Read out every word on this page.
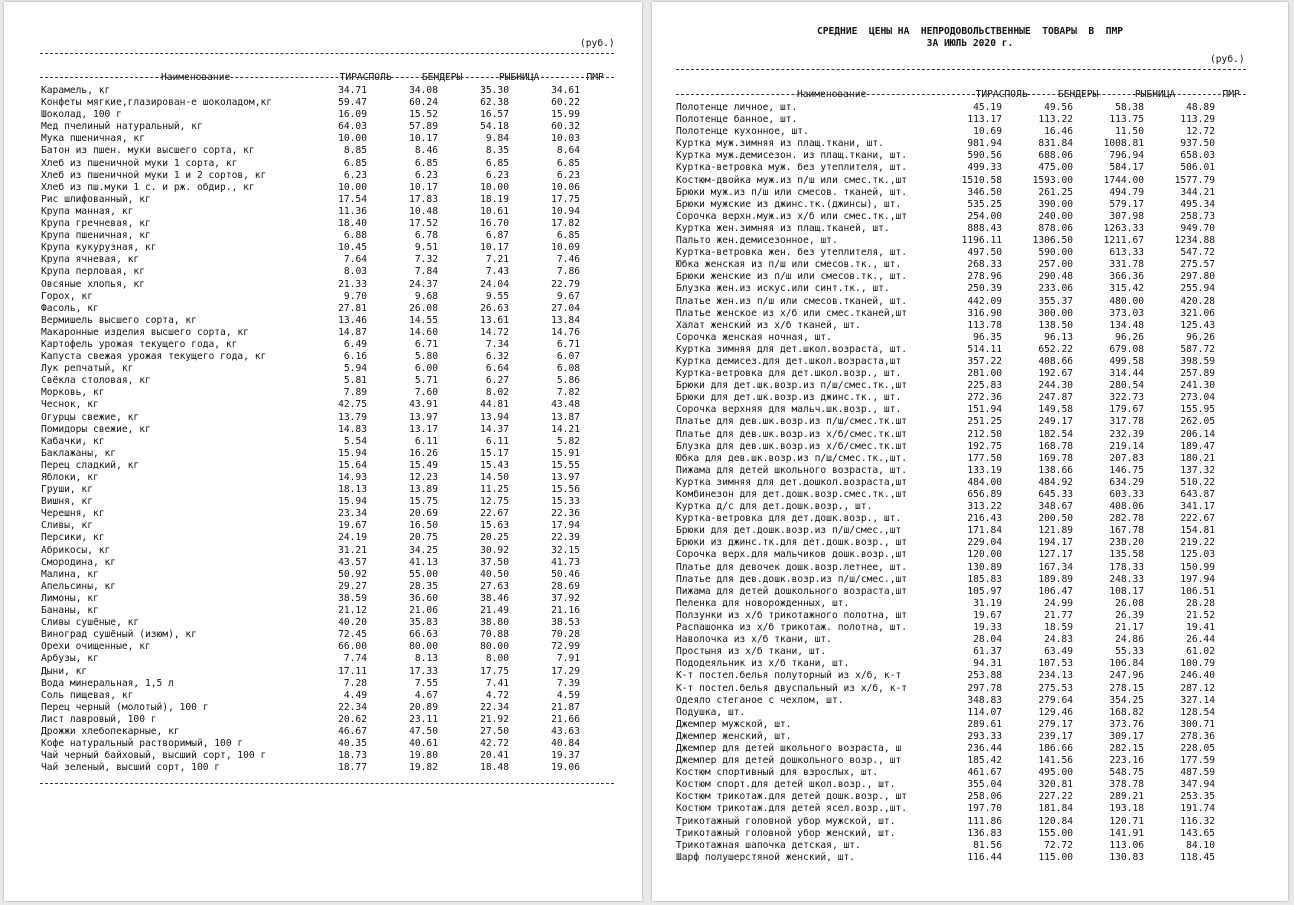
(руб.)

Наименование	ТИРАСПОЛЬ	БЕНДЕРЫ	РЫБНИЦА	ПМР

Карамель, кг	34.71	34.08	35.30	34.61
Конфеты мягкие,глазирован-е шоколадом,кг	59.47	60.24	62.38	60.22
Шоколад, 100 г	16.09	15.52	16.57	15.99
Мед пчелиный натуральный, кг	64.03	57.89	54.18	60.32
Мука пшеничная, кг	10.00	10.17	9.84	10.03
Батон из пшен. муки высшего сорта, кг	8.85	8.46	8.35	8.64
Хлеб из пшеничной муки 1 сорта, кг	6.85	6.85	6.85	6.85
Хлеб из пшеничной муки 1 и 2 сортов, кг	6.23	6.23	6.23	6.23
Хлеб из пш.муки 1 с. и рж. обдир., кг	10.00	10.17	10.00	10.06
Рис шлифованный, кг	17.54	17.83	18.19	17.75
Крупа манная, кг	11.36	10.48	10.61	10.94
Крупа гречневая, кг	18.40	17.52	16.70	17.82
Крупа пшеничная, кг	6.88	6.78	6.87	6.85
Крупа кукурузная, кг	10.45	9.51	10.17	10.09
Крупа ячневая, кг	7.64	7.32	7.21	7.46
Крупа перловая, кг	8.03	7.84	7.43	7.86
Овсяные хлопья, кг	21.33	24.37	24.04	22.79
Горох, кг	9.70	9.68	9.55	9.67
Фасоль, кг	27.81	26.08	26.63	27.04
Вермишель высшего сорта, кг	13.46	14.55	13.61	13.84
Макаронные изделия высшего сорта, кг	14.87	14.60	14.72	14.76
Картофель урожая текущего года, кг	6.49	6.71	7.34	6.71
Капуста свежая урожая текущего года, кг	6.16	5.80	6.32	6.07
Лук репчатый, кг	5.94	6.00	6.64	6.08
Свёкла столовая, кг	5.81	5.71	6.27	5.86
Морковь, кг	7.89	7.60	8.02	7.82
Чеснок, кг	42.75	43.91	44.81	43.48
Огурцы свежие, кг	13.79	13.97	13.94	13.87
Помидоры свежие, кг	14.83	13.17	14.37	14.21
Кабачки, кг	5.54	6.11	6.11	5.82
Баклажаны, кг	15.94	16.26	15.17	15.91
Перец сладкий, кг	15.64	15.49	15.43	15.55
Яблоки, кг	14.93	12.23	14.50	13.97
Груши, кг	18.13	13.89	11.25	15.56
Вишня, кг	15.94	15.75	12.75	15.33
Черешня, кг	23.34	20.69	22.67	22.36
Сливы, кг	19.67	16.50	15.63	17.94
Персики, кг	24.19	20.75	20.25	22.39
Абрикосы, кг	31.21	34.25	30.92	32.15
Смородина, кг	43.57	41.13	37.50	41.73
Малина, кг	50.92	55.00	40.50	50.46
Апельсины, кг	29.27	28.35	27.63	28.69
Лимоны, кг	38.59	36.60	38.46	37.92
Бананы, кг	21.12	21.06	21.49	21.16
Сливы сушёные, кг	40.20	35.83	38.80	38.53
Виноград сушёный (изюм), кг	72.45	66.63	70.88	70.28
Орехи очищенные, кг	66.00	80.00	80.00	72.99
Арбузы, кг	7.74	8.13	8.00	7.91
Дыни, кг	17.11	17.33	17.75	17.29
Вода минеральная, 1,5 л	7.28	7.55	7.41	7.39
Соль пищевая, кг	4.49	4.67	4.72	4.59
Перец черный (молотый), 100 г	22.34	20.89	22.34	21.87
Лист лавровый, 100 г	20.62	23.11	21.92	21.66
Дрожжи хлебопекарные, кг	46.67	47.50	27.50	43.63
Кофе натуральный растворимый, 100 г	40.35	40.61	42.72	40.84
Чай черный байховый, высший сорт, 100 г	18.73	19.80	20.41	19.37
Чай зеленый, высший сорт, 100 г	18.77	19.82	18.48	19.06

СРЕДНИЕ  ЦЕНЫ НА  НЕПРОДОВОЛЬСТВЕННЫЕ  ТОВАРЫ  В  ПМР

ЗА ИЮЛЬ 2020 г.

(руб.)

Наименование	ТИРАСПОЛЬ	БЕНДЕРЫ	РЫБНИЦА	ПМР

Полотенце личное, шт.	45.19	49.56	58.38	48.89
Полотенце банное, шт.	113.17	113.22	113.75	113.29
Полотенце кухонное, шт.	10.69	16.46	11.50	12.72
Куртка муж.зимняя из плащ.ткани, шт.	981.94	831.84	1008.81	937.50
Куртка муж.демисезон. из плащ.ткани, шт.	590.56	688.06	796.94	658.03
Куртка-ветровка муж. без утеплителя, шт.	499.33	475.00	584.17	506.01
Костюм-двойка муж.из п/ш или смес.тк.,шт	1510.58	1593.00	1744.00	1577.79
Брюки муж.из п/ш или смесов. тканей, шт.	346.50	261.25	494.79	344.21
Брюки мужские из джинс.тк.(джинсы), шт.	535.25	390.00	579.17	495.34
Сорочка верхн.муж.из х/б или смес.тк.,шт	254.00	240.00	307.98	258.73
Куртка жен.зимняя из плащ.тканей, шт.	888.43	878.06	1263.33	949.70
Пальто жен.демисезонное, шт.	1196.11	1306.50	1211.67	1234.88
Куртка-ветровка жен. без утеплителя, шт.	497.50	590.00	613.33	547.72
Юбка женская из п/ш или смесов.тк., шт.	268.33	257.00	331.78	275.57
Брюки женские из п/ш или смесов.тк., шт.	278.96	290.48	366.36	297.80
Блузка жен.из искус.или синт.тк., шт.	250.39	233.06	315.42	255.94
Платье жен.из п/ш или смесов.тканей, шт.	442.09	355.37	480.00	420.28
Платье женское из х/б или смес.тканей,шт	316.90	300.00	373.03	321.06
Халат женский из х/б тканей, шт.	113.78	138.50	134.48	125.43
Сорочка женская ночная, шт.	96.35	96.13	96.26	96.26
Куртка зимняя для дет.школ.возраста, шт.	514.11	652.22	679.08	587.72
Куртка демисез.для дет.школ.возраста,шт	357.22	408.66	499.58	398.59
Куртка-ветровка для дет.школ.возр., шт.	281.00	192.67	314.44	257.89
Брюки для дет.шк.возр.из п/ш/смес.тк.,шт	225.83	244.30	280.54	241.30
Брюки для дет.шк.возр.из джинс.тк., шт.	272.36	247.87	322.73	273.04
Сорочка верхняя для мальч.шк.возр., шт.	151.94	149.58	179.67	155.95
Платье для дев.шк.возр.из п/ш/смес.тк.шт	251.25	249.17	317.78	262.05
Платье для дев.шк.возр.из х/б/смес.тк.шт	212.50	182.54	232.39	206.14
Блузка для дев.шк.возр.из х/б/смес.тк.шт	192.75	168.78	219.14	189.47
Юбка для дев.шк.возр.из п/ш/смес.тк.,шт.	177.50	169.78	207.83	180.21
Пижама для детей школьного возраста, шт.	133.19	138.66	146.75	137.32
Куртка зимняя для дет.дошкол.возраста,шт	484.00	484.92	634.29	510.22
Комбинезон для дет.дошк.возр.смес.тк.,шт	656.89	645.33	603.33	643.87
Куртка д/с для дет.дошк.возр., шт.	313.22	348.67	408.06	341.17
Куртка-ветровка для дет.дошк.возр., шт.	216.43	200.50	282.78	222.67
Брюки для дет.дошк.возр.из п/ш/смес.,шт	171.84	121.89	167.78	154.81
Брюки из джинс.тк.для дет.дошк.возр., шт	229.04	194.17	238.20	219.22
Сорочка верх.для мальчиков дошк.возр.,шт	120.00	127.17	135.58	125.03
Платье для девочек дошк.возр.летнее, шт.	130.89	167.34	178.33	150.99
Платье для дев.дошк.возр.из п/ш/смес.,шт	185.83	189.89	248.33	197.94
Пижама для детей дошкольного возраста,шт	105.97	106.47	108.17	106.51
Пеленка для новорожденных, шт.	31.19	24.99	26.08	28.28
Ползунки из х/б трикотажного полотна, шт	19.67	21.77	26.39	21.52
Распашонка из х/б трикотаж. полотна, шт.	19.33	18.59	21.17	19.41
Наволочка из х/б ткани, шт.	28.04	24.83	24.86	26.44
Простыня из х/б ткани, шт.	61.37	63.49	55.33	61.02
Пододеяльник из х/б ткани, шт.	94.31	107.53	106.84	100.79
К-т постел.белья полуторный из х/б, к-т	253.88	234.13	247.96	246.40
К-т постел.белья двуспальный из х/б, к-т	297.78	275.53	278.15	287.12
Одеяло стеганое с чехлом, шт.	348.83	279.64	354.25	327.14
Подушка, шт.	114.07	129.46	168.82	128.54
Джемпер мужской, шт.	289.61	279.17	373.76	300.71
Джемпер женский, шт.	293.33	239.17	309.17	278.36
Джемпер для детей школьного возраста, ш	236.44	186.66	282.15	228.05
Джемпер для детей дошкольного возр., шт	185.42	141.56	223.16	177.59
Костюм спортивный для взрослых, шт.	461.67	495.00	548.75	487.59
Костюм спорт.для детей школ.возр., шт.	355.04	320.81	378.78	347.94
Костюм трикотаж.для детей дошк.возр., шт	258.06	227.22	289.21	253.35
Костюм трикотаж.для детей ясел.возр.,шт.	197.70	181.84	193.18	191.74
Трикотажный головной убор мужской, шт.	111.86	120.84	120.71	116.32
Трикотажный головной убор женский, шт.	136.83	155.00	141.91	143.65
Трикотажная шапочка детская, шт.	81.56	72.72	113.06	84.10
Шарф полушерстяной женский, шт.	116.44	115.00	130.83	118.45
